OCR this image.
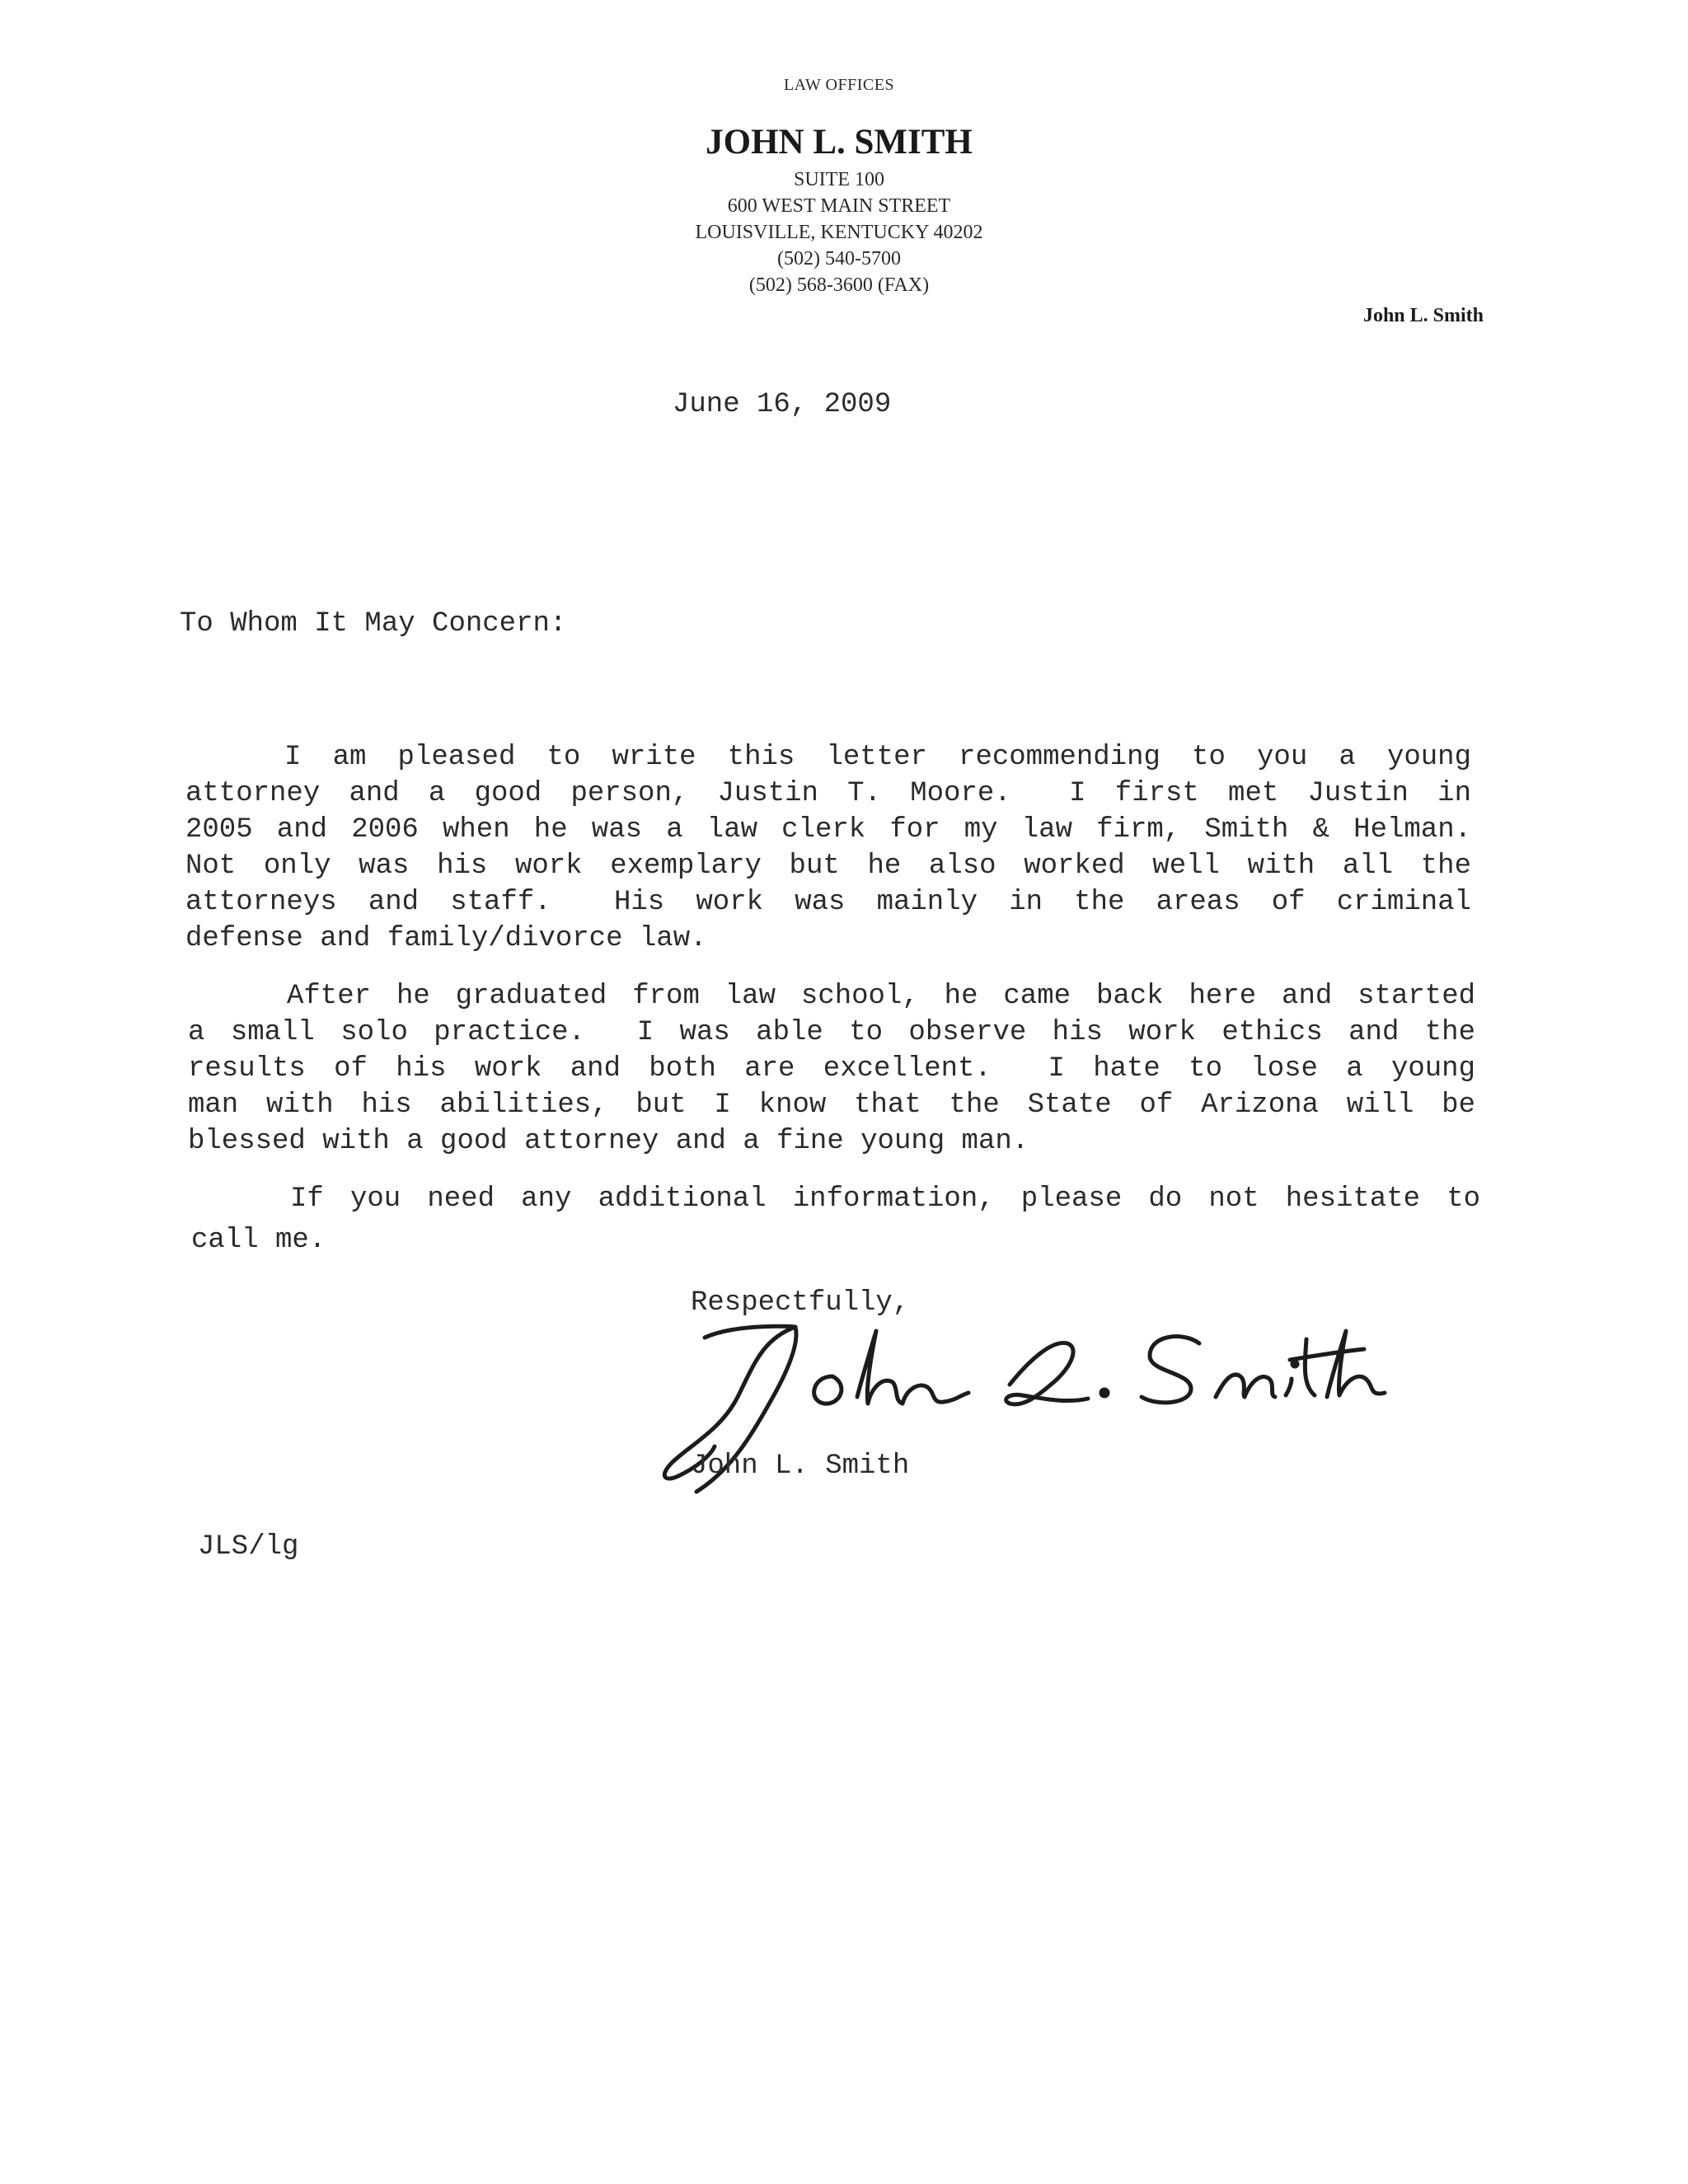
LAW OFFICES
JOHN L. SMITH
SUITE 100
600 WEST MAIN STREET
LOUISVILLE, KENTUCKY 40202
(502) 540-5700
(502) 568-3600 (FAX)
John L. Smith
June 16, 2009
To Whom It May Concern:
I am pleased to write this letter recommending to you a young
attorney and a good person, Justin T. Moore.  I first met Justin in
2005 and 2006 when he was a law clerk for my law firm, Smith & Helman.
Not only was his work exemplary but he also worked well with all the
attorneys and staff.  His work was mainly in the areas of criminal
defense and family/divorce law.
After he graduated from law school, he came back here and started
a small solo practice.  I was able to observe his work ethics and the
results of his work and both are excellent.  I hate to lose a young
man with his abilities, but I know that the State of Arizona will be
blessed with a good attorney and a fine young man.
If you need any additional information, please do not hesitate to
call me.
Respectfully,
John L. Smith
JLS/lg
